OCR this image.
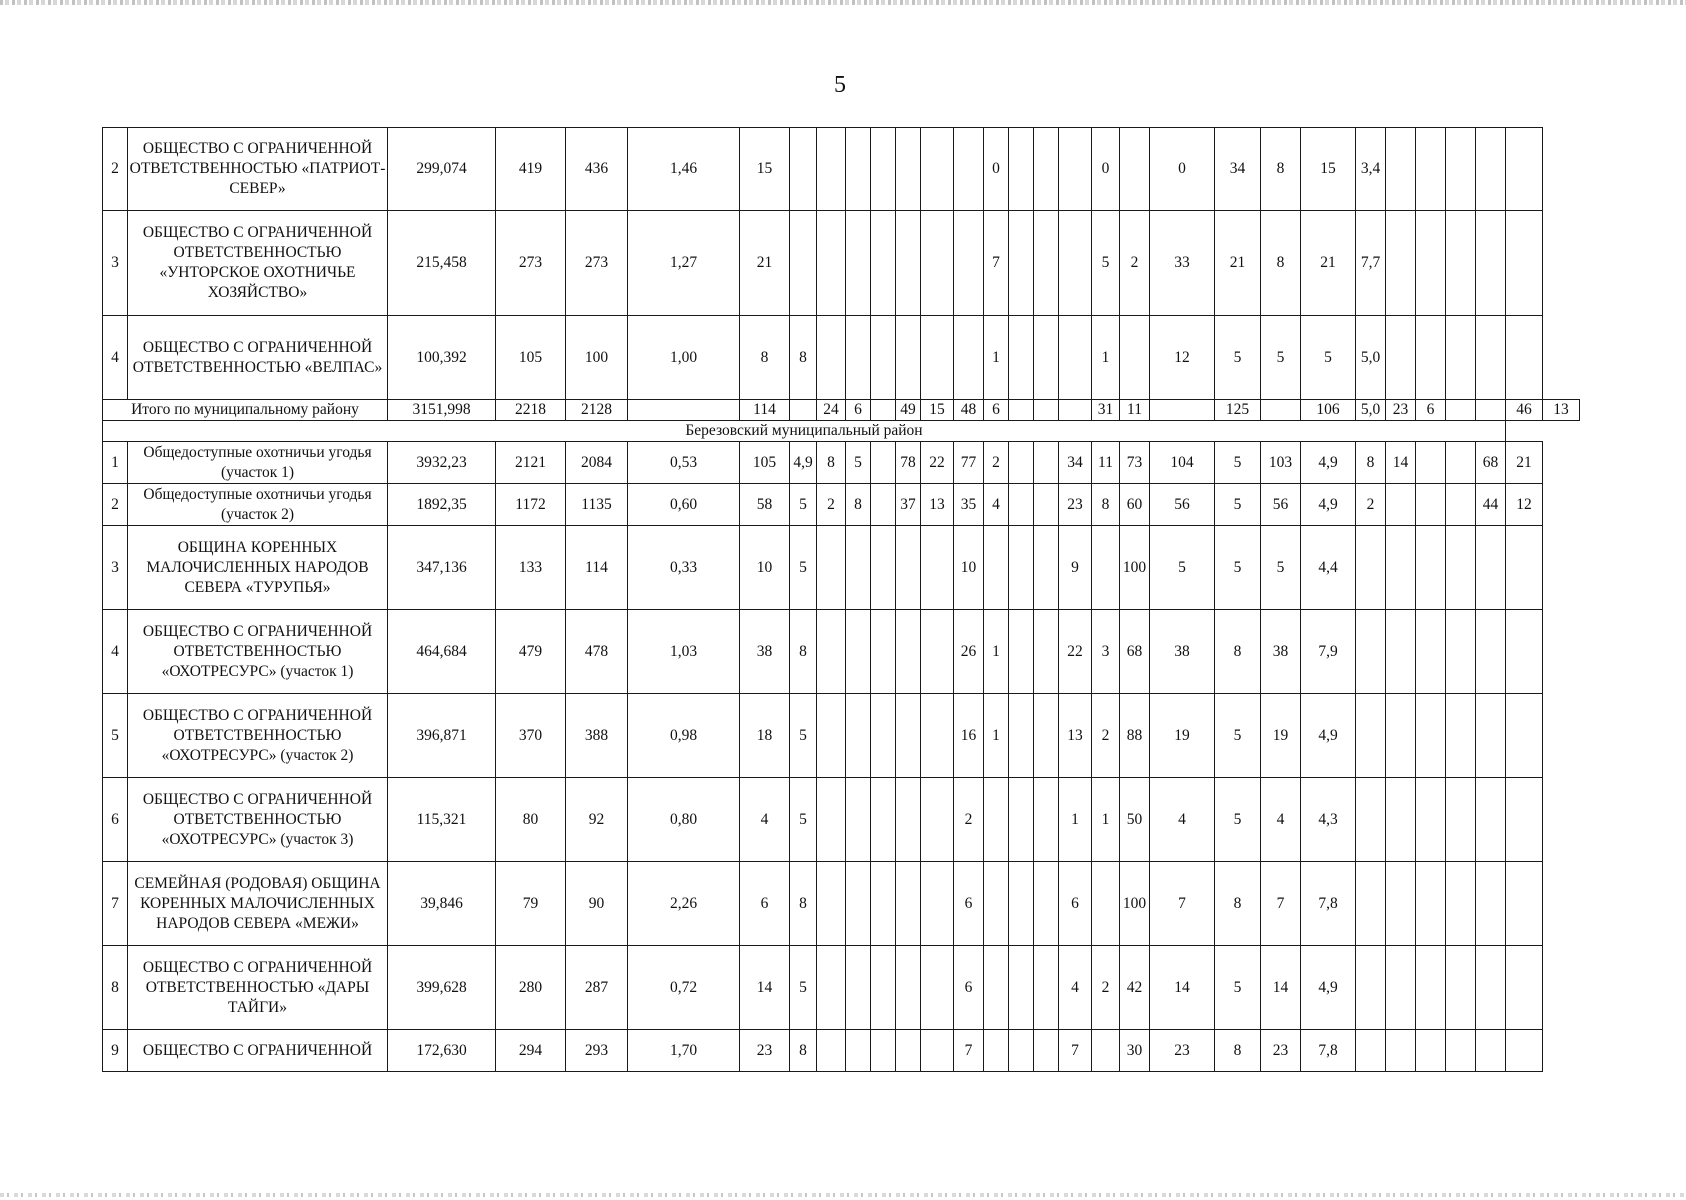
5
2	ОБЩЕСТВО С ОГРАНИЧЕННОЙ ОТВЕТСТВЕННОСТЬЮ «ПАТРИОТ-СЕВЕР»	299,074	419	436	1,46	15								0				0		0	34	8	15	3,4						
3	ОБЩЕСТВО С ОГРАНИЧЕННОЙ ОТВЕТСТВЕННОСТЬЮ «УНТОРСКОЕ ОХОТНИЧЬЕ ХОЗЯЙСТВО»	215,458	273	273	1,27	21								7				5	2	33	21	8	21	7,7						
4	ОБЩЕСТВО С ОГРАНИЧЕННОЙ ОТВЕТСТВЕННОСТЬЮ «ВЕЛПАС»	100,392	105	100	1,00	8	8							1				1		12	5	5	5	5,0						
Итого по муниципальному району		3151,998	2218	2128		114		24	6		49	15	48	6				31	11		125		106	5,0	23	6			46	13
Березовский муниципальный район																														
1	Общедоступные охотничьи угодья (участок 1)	3932,23	2121	2084	0,53	105	4,9	8	5		78	22	77	2			34	11	73	104	5	103	4,9	8	14			68	21	
2	Общедоступные охотничьи угодья (участок 2)	1892,35	1172	1135	0,60	58	5	2	8		37	13	35	4			23	8	60	56	5	56	4,9	2				44	12	
3	ОБЩИНА КОРЕННЫХ МАЛОЧИСЛЕННЫХ НАРОДОВ СЕВЕРА «ТУРУПЬЯ»	347,136	133	114	0,33	10	5						10				9		100	5	5	5	4,4							
4	ОБЩЕСТВО С ОГРАНИЧЕННОЙ ОТВЕТСТВЕННОСТЬЮ «ОХОТРЕСУРС» (участок 1)	464,684	479	478	1,03	38	8						26	1			22	3	68	38	8	38	7,9							
5	ОБЩЕСТВО С ОГРАНИЧЕННОЙ ОТВЕТСТВЕННОСТЬЮ «ОХОТРЕСУРС» (участок 2)	396,871	370	388	0,98	18	5						16	1			13	2	88	19	5	19	4,9							
6	ОБЩЕСТВО С ОГРАНИЧЕННОЙ ОТВЕТСТВЕННОСТЬЮ «ОХОТРЕСУРС» (участок 3)	115,321	80	92	0,80	4	5						2				1	1	50	4	5	4	4,3							
7	СЕМЕЙНАЯ (РОДОВАЯ) ОБЩИНА КОРЕННЫХ МАЛОЧИСЛЕННЫХ НАРОДОВ СЕВЕРА «МЕЖИ»	39,846	79	90	2,26	6	8						6				6		100	7	8	7	7,8							
8	ОБЩЕСТВО С ОГРАНИЧЕННОЙ ОТВЕТСТВЕННОСТЬЮ «ДАРЫ ТАЙГИ»	399,628	280	287	0,72	14	5						6				4	2	42	14	5	14	4,9							
9	ОБЩЕСТВО С ОГРАНИЧЕННОЙ	172,630	294	293	1,70	23	8						7				7		30	23	8	23	7,8							
